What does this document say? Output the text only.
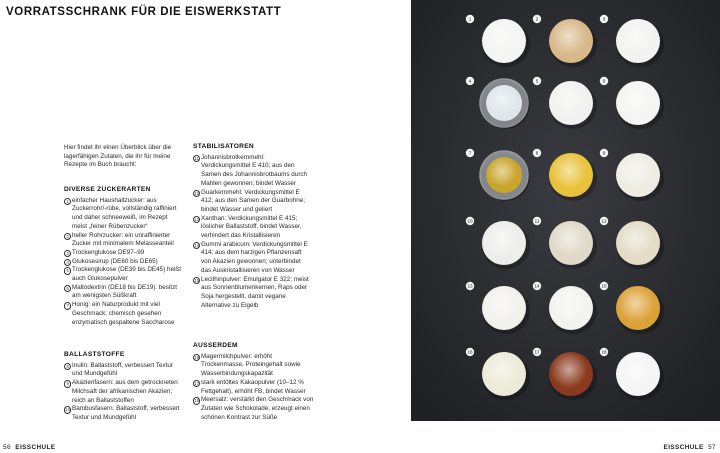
VORRATSSCHRANK FÜR DIE EISWERKSTATT

Hier findet ihr einen Überblick über die lagerfähigen Zutaten, die ihr für meine Rezepte im Buch braucht:

DIVERSE ZUCKERARTEN
1 einfacher Haushaltzucker: aus Zuckerrohr/-rübe, vollständig raffiniert und daher schneeweiß, im Rezept meist „feiner Rübenzucker“
2 heller Rohrzucker: ein unraffinierter Zucker mit minimalem Melasseanteil
3 Trockenglukose DE97–99
4 Glukosesirup (DE60 bis DE65)
5 Trockenglukose (DE39 bis DE45) heißt auch Glukosepulver
6 Maltodextrin (DE18 bis DE19): besitzt am wenigsten Süßkraft
7 Honig: ein Naturprodukt mit viel Geschmack; chemisch gesehen enzymatisch gespaltene Saccharose
BALLASTSTOFFE
8 Inulin: Ballaststoff, verbessert Textur und Mundgefühl
9 Akazienfasern: aus dem getrockneten Milchsaft der afrikanischen Akazien; reich an Ballaststoffen
10 Bambusfasern: Ballaststoff, verbessert Textur und Mundgefühl
STABILISATOREN
11 Johannisbrotkernmehl: Verdickungsmittel E 410; aus den Samen des Johannisbrotbaums durch Mahlen gewonnen; bindet Wasser
12 Guarkernmehl: Verdickungsmittel E 412; aus den Samen der Guarbohne; bindet Wasser und geliert
13 Xanthan: Verdickungsmittel E 415; löslicher Ballaststoff, bindet Wasser, verhindert das Kristallisieren
14 Gummi arabicum: Verdickungsmittel E 414; aus dem harzigen Pflanzensaft von Akazien gewonnen; unterbindet das Auskristallisieren von Wasser
15 Lecithinpulver: Emulgator E 322; meist aus Sonnenblumenkernen, Raps oder Soja hergestellt, damit vegane Alternative zu Eigelb
AUSSERDEM
16 Magermilchpulver: erhöht Trockenmasse, Proteingehalt sowie Wasserbindungskapazität
17 stark entöltes Kakaopulver (10–12 % Fettgehalt), erhöht FB, bindet Wasser
18 Meersalz: verstärkt den Geschmack von Zutaten wie Schokolade, erzeugt einen schönen Kontrast zur Süße
1	2	3
4	5	6
7	8	9
10	11	12
13	14	15
16	17	18
56 EISSCHULE	EISSCHULE 57
